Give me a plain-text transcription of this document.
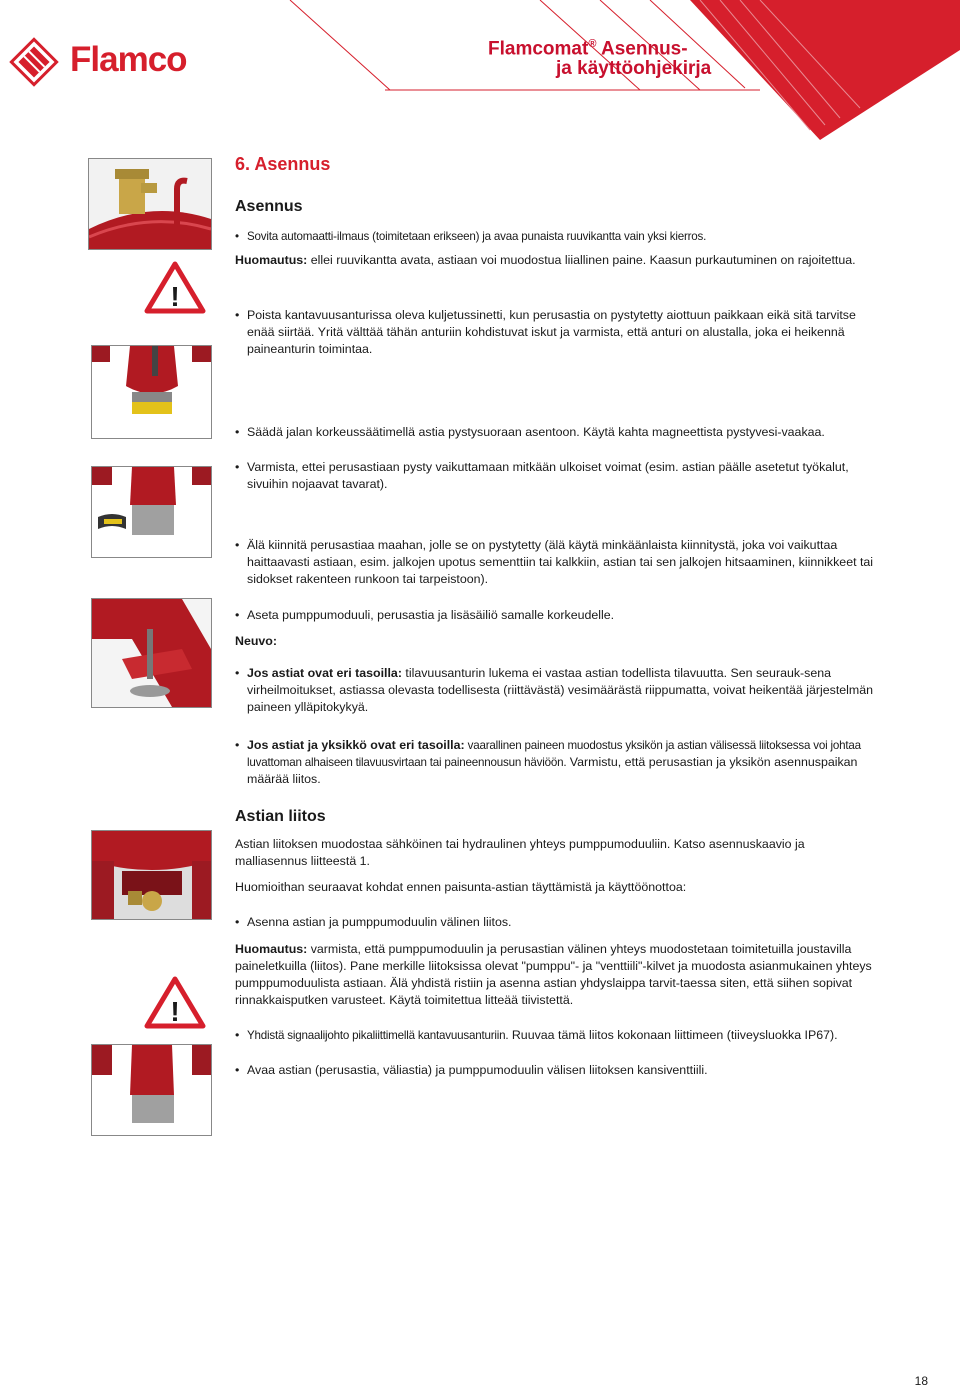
Flamco	Flamcomat® Asennus-
ja käyttöohjekirja
!
!
6. Asennus
Asennus

• Sovita automaatti-ilmaus (toimitetaan erikseen) ja avaa punaista ruuvikantta vain yksi kierros.

Huomautus: ellei ruuvikantta avata, astiaan voi muodostua liiallinen paine. Kaasun purkautuminen on rajoitettua.

• Poista kantavuusanturissa oleva kuljetussinetti, kun perusastia on pystytetty aiottuun paikkaan eikä sitä tarvitse enää siirtää. Yritä välttää tähän anturiin kohdistuvat iskut ja varmista, että anturi on alustalla, joka ei heikennä paineanturin toimintaa.

• Säädä jalan korkeussäätimellä astia pystysuoraan asentoon. Käytä kahta magneettista pystyvesi-vaakaa.

• Varmista, ettei perusastiaan pysty vaikuttamaan mitkään ulkoiset voimat (esim. astian päälle asetetut työkalut, sivuihin nojaavat tavarat).

• Älä kiinnitä perusastiaa maahan, jolle se on pystytetty (älä käytä minkäänlaista kiinnitystä, joka voi vaikuttaa haittaavasti astiaan, esim. jalkojen upotus sementtiin tai kalkkiin, astian tai sen jalkojen hitsaaminen, kiinnikkeet tai sidokset rakenteen runkoon tai tarpeistoon).

• Aseta pumppumoduuli, perusastia ja lisäsäiliö samalle korkeudelle.

Neuvo:

• Jos astiat ovat eri tasoilla: tilavuusanturin lukema ei vastaa astian todellista tilavuutta. Sen seurauk-sena virheilmoitukset, astiassa olevasta todellisesta (riittävästä) vesimäärästä riippumatta, voivat heikentää järjestelmän paineen ylläpitokykyä.

• Jos astiat ja yksikkö ovat eri tasoilla: vaarallinen paineen muodostus yksikön ja astian välisessä liitoksessa voi johtaa luvattoman alhaiseen tilavuusvirtaan tai paineennousun häviöön. Varmistu, että perusastian ja yksikön asennuspaikan määrää liitos.

Astian liitos

Astian liitoksen muodostaa sähköinen tai hydraulinen yhteys pumppumoduuliin. Katso asennuskaavio ja malliasennus liitteestä 1.

Huomioithan seuraavat kohdat ennen paisunta-astian täyttämistä ja käyttöönottoa:

• Asenna astian ja pumppumoduulin välinen liitos.

Huomautus: varmista, että pumppumoduulin ja perusastian välinen yhteys muodostetaan toimitetuilla joustavilla paineletkuilla (liitos). Pane merkille liitoksissa olevat "pumppu"- ja "venttiili"-kilvet ja muodosta asianmukainen yhteys pumppumoduulista astiaan. Älä yhdistä ristiin ja asenna astian yhdyslaippa tarvit-taessa siten, että siihen sopivat rinnakkaisputken varusteet. Käytä toimitettua litteää tiivistettä.

• Yhdistä signaalijohto pikaliittimellä kantavuusanturiin. Ruuvaa tämä liitos kokonaan liittimeen (tiiveysluokka IP67).

• Avaa astian (perusastia, väliastia) ja pumppumoduulin välisen liitoksen kansiventtiili.

18
